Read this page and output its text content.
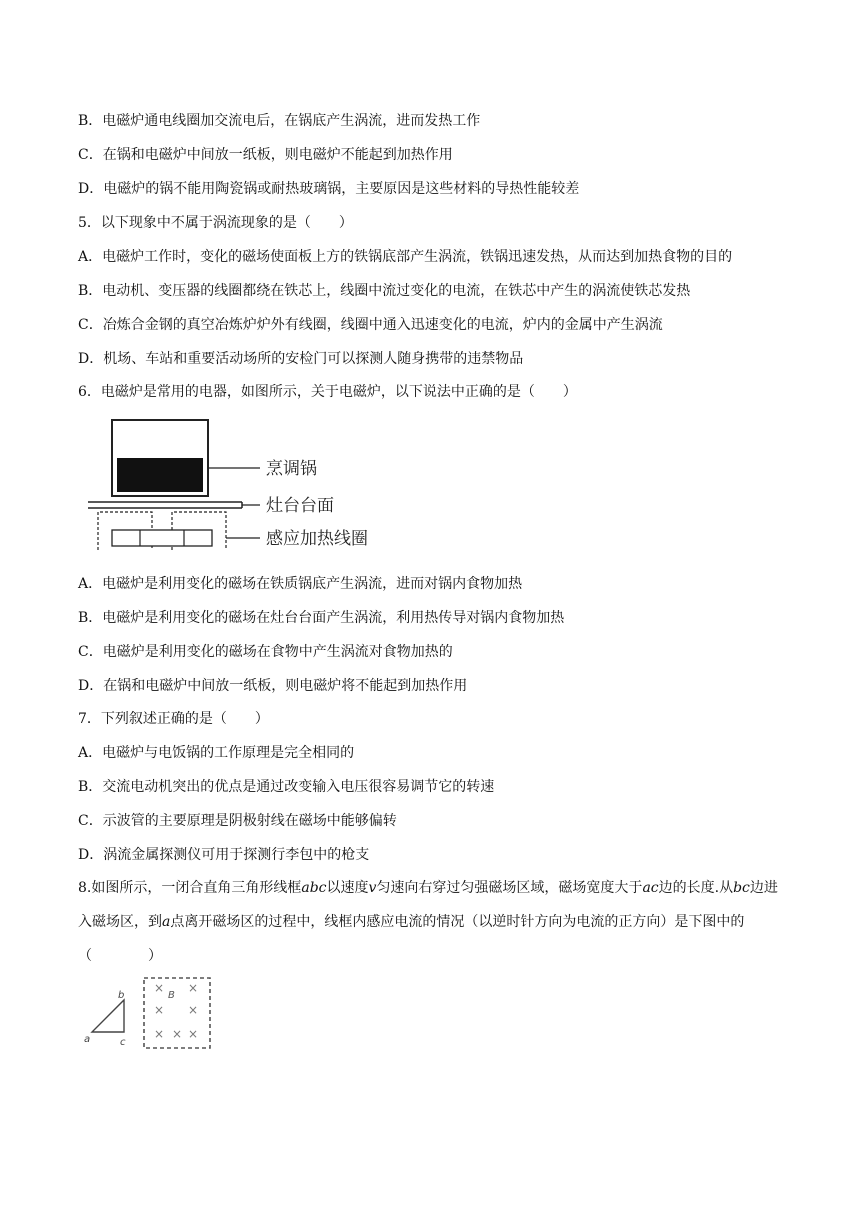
B．电磁炉通电线圈加交流电后，在锅底产生涡流，进而发热工作
C．在锅和电磁炉中间放一纸板，则电磁炉不能起到加热作用
D．电磁炉的锅不能用陶瓷锅或耐热玻璃锅，主要原因是这些材料的导热性能较差
5．以下现象中不属于涡流现象的是（　　）
A．电磁炉工作时，变化的磁场使面板上方的铁锅底部产生涡流，铁锅迅速发热，从而达到加热食物的目的
B．电动机、变压器的线圈都绕在铁芯上，线圈中流过变化的电流，在铁芯中产生的涡流使铁芯发热
C．冶炼合金钢的真空冶炼炉炉外有线圈，线圈中通入迅速变化的电流，炉内的金属中产生涡流
D．机场、车站和重要活动场所的安检门可以探测人随身携带的违禁物品
6．电磁炉是常用的电器，如图所示，关于电磁炉，以下说法中正确的是（　　）
烹调锅
灶台台面
感应加热线圈
A．电磁炉是利用变化的磁场在铁质锅底产生涡流，进而对锅内食物加热
B．电磁炉是利用变化的磁场在灶台台面产生涡流，利用热传导对锅内食物加热
C．电磁炉是利用变化的磁场在食物中产生涡流对食物加热的
D．在锅和电磁炉中间放一纸板，则电磁炉将不能起到加热作用
7．下列叙述正确的是（　　）
A．电磁炉与电饭锅的工作原理是完全相同的
B．交流电动机突出的优点是通过改变输入电压很容易调节它的转速
C．示波管的主要原理是阴极射线在磁场中能够偏转
D．涡流金属探测仪可用于探测行李包中的枪支
8.如图所示，一闭合直角三角形线框abc以速度v匀速向右穿过匀强磁场区域，磁场宽度大于ac边的长度.从bc边进入磁场区，到a点离开磁场区的过程中，线框内感应电流的情况（以逆时针方向为电流的正方向）是下图中的（　　　　）
a
b
c
B
× ×
× ×
× × ×
